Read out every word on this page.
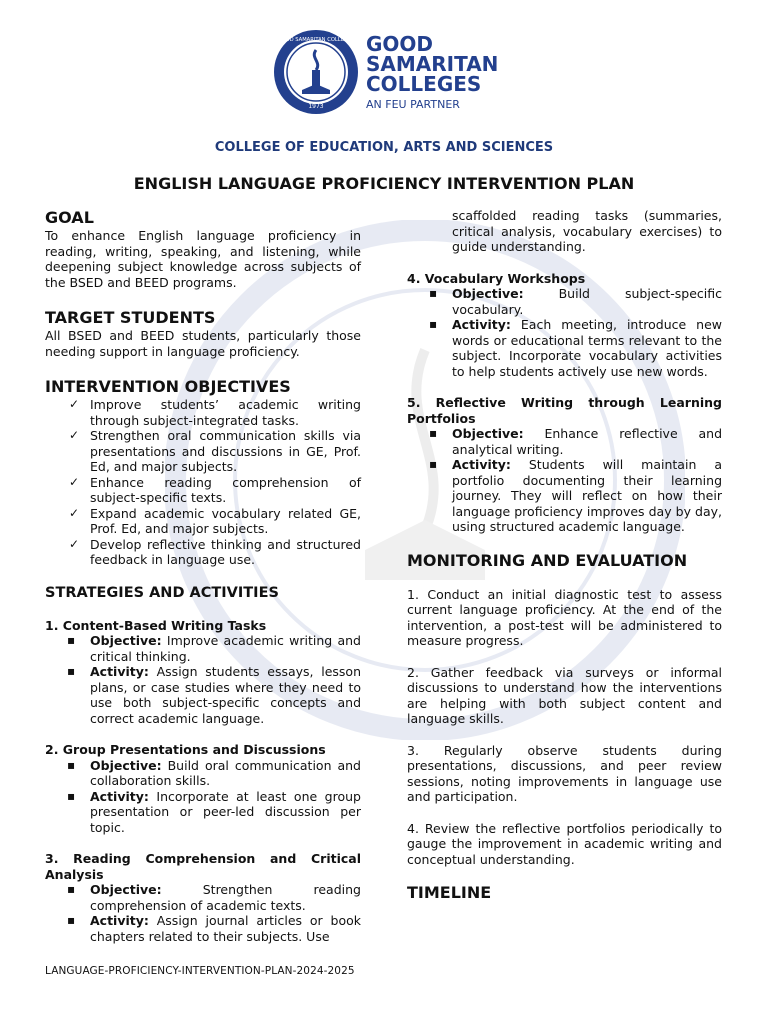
1973
GOOD SAMARITAN COLLEGES GOOD
SAMARITAN
COLLEGES
AN FEU PARTNER
COLLEGE OF EDUCATION, ARTS AND SCIENCES
ENGLISH LANGUAGE PROFICIENCY INTERVENTION PLAN
GOAL

To enhance English language proficiency in reading, writing, speaking, and listening, while deepening subject knowledge across subjects of the BSED and BEED programs.

TARGET STUDENTS

All BSED and BEED students, particularly those needing support in language proficiency.

INTERVENTION OBJECTIVES
✓ Improve students’ academic writing through subject-integrated tasks.
✓ Strengthen oral communication skills via presentations and discussions in GE, Prof. Ed, and major subjects.
✓ Enhance reading comprehension of subject-specific texts.
✓ Expand academic vocabulary related GE, Prof. Ed, and major subjects.
✓ Develop reflective thinking and structured feedback in language use.
STRATEGIES AND ACTIVITIES
1. Content-Based Writing Tasks
▪ Objective: Improve academic writing and critical thinking.
▪ Activity: Assign students essays, lesson plans, or case studies where they need to use both subject-specific concepts and correct academic language.
2. Group Presentations and Discussions
▪ Objective: Build oral communication and collaboration skills.
▪ Activity: Incorporate at least one group presentation or peer-led discussion per topic.
3. Reading Comprehension and Critical Analysis
▪ Objective: Strengthen reading comprehension of academic texts.
▪ Activity: Assign journal articles or book chapters related to their subjects. Use

scaffolded reading tasks (summaries, critical analysis, vocabulary exercises) to guide understanding.

4. Vocabulary Workshops
▪ Objective: Build subject-specific vocabulary.
▪ Activity: Each meeting, introduce new words or educational terms relevant to the subject. Incorporate vocabulary activities to help students actively use new words.
5. Reflective Writing through Learning Portfolios
▪ Objective: Enhance reflective and analytical writing.
▪ Activity: Students will maintain a portfolio documenting their learning journey. They will reflect on how their language proficiency improves day by day, using structured academic language.
MONITORING AND EVALUATION

1. Conduct an initial diagnostic test to assess current language proficiency. At the end of the intervention, a post-test will be administered to measure progress.

2. Gather feedback via surveys or informal discussions to understand how the interventions are helping with both subject content and language skills.

3. Regularly observe students during presentations, discussions, and peer review sessions, noting improvements in language use and participation.

4. Review the reflective portfolios periodically to gauge the improvement in academic writing and conceptual understanding.

TIMELINE
LANGUAGE-PROFICIENCY-INTERVENTION-PLAN-2024-2025
